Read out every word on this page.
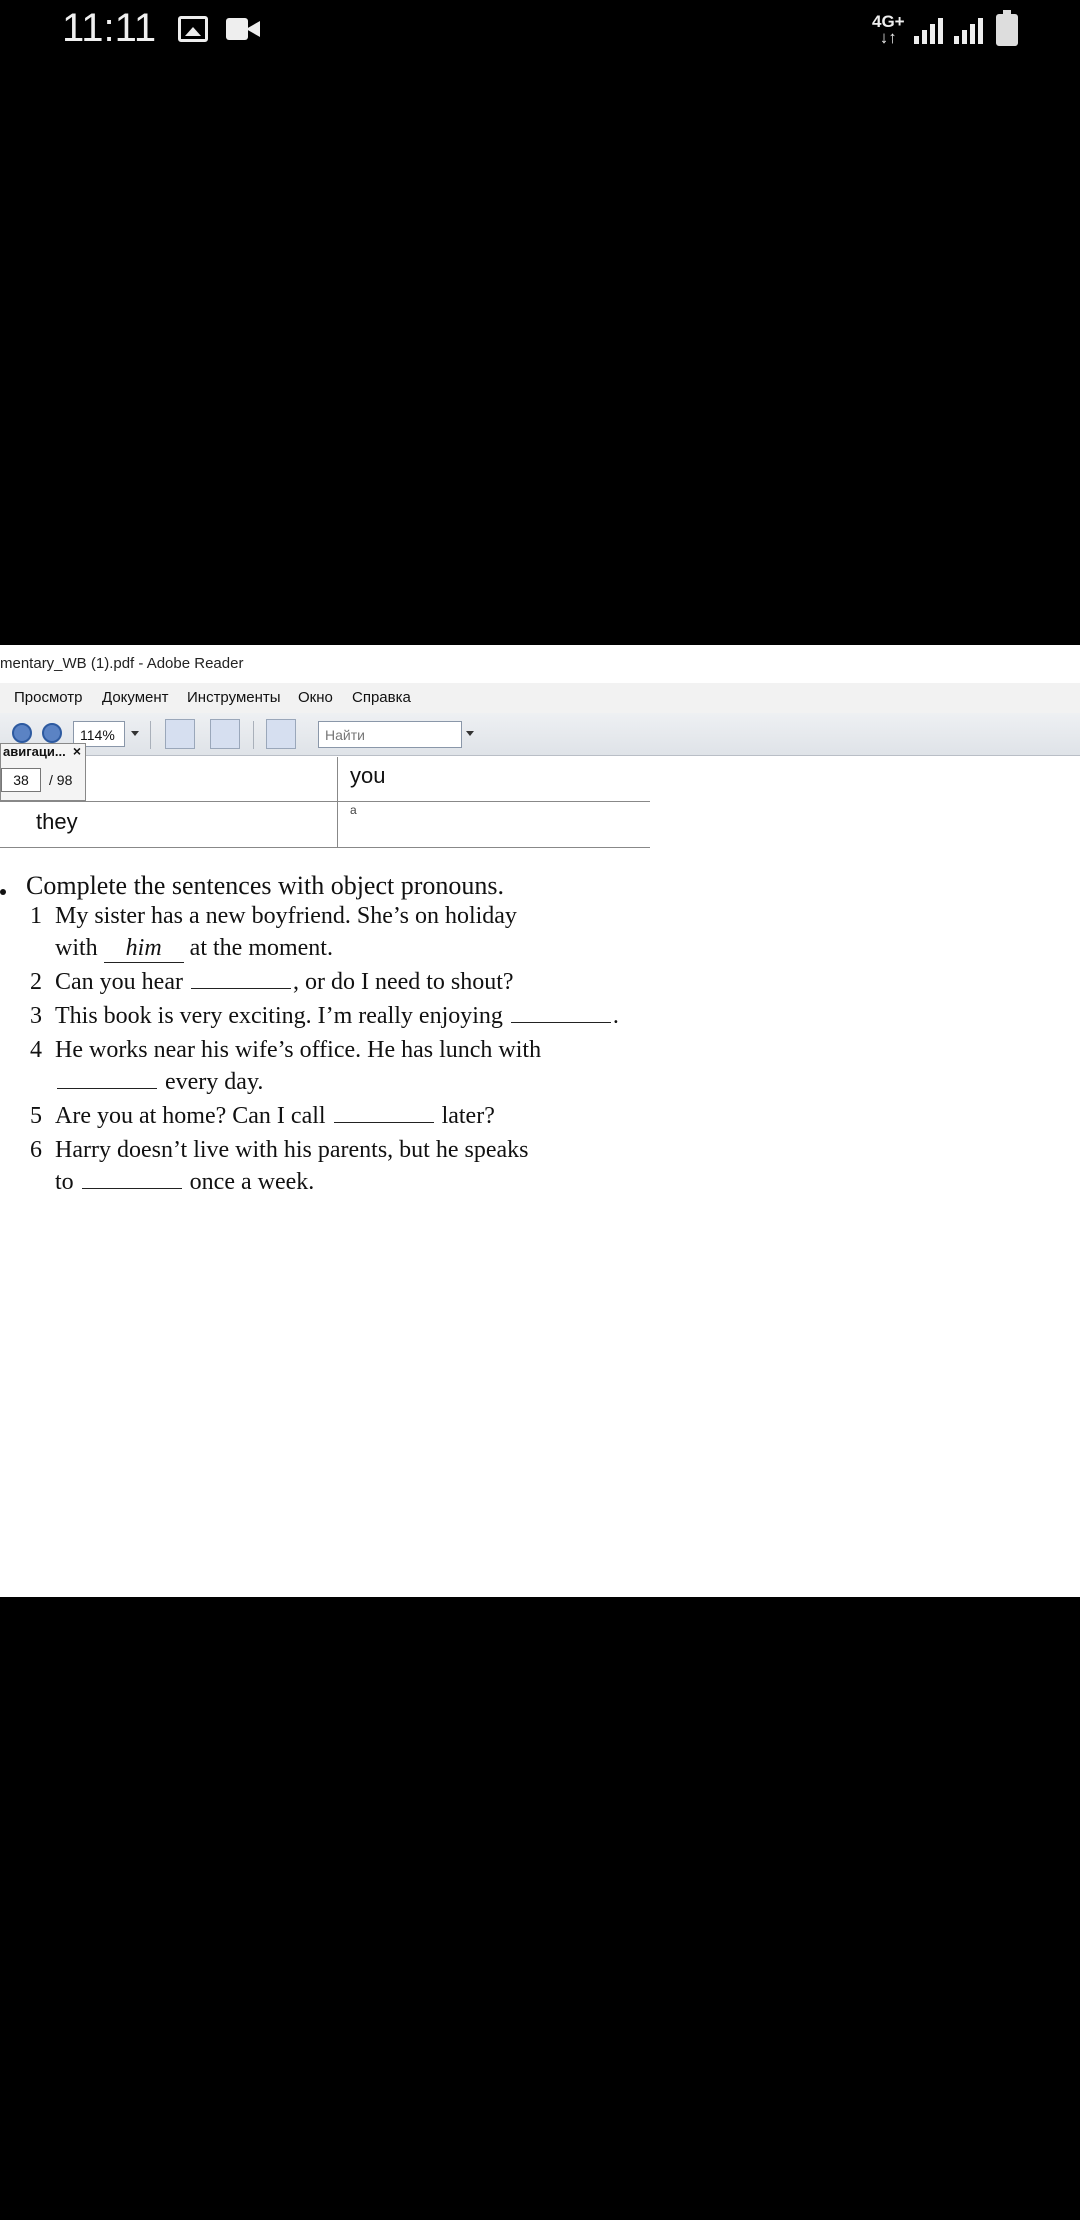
11:11	4G+
↓↑
mentary_WB (1).pdf - Adobe Reader
Просмотр Документ Инструменты Окно Справка
114%	Найти
авигаци... ×
38	/ 98	you
they	a
Complete the sentences with object pronouns.
1 My sister has a new boyfriend. She’s on holiday
with him at the moment.
2 Can you hear	, or do I need to shout?
3 This book is very exciting. I’m really enjoying	.
4 He works near his wife’s office. He has lunch with
every day.
5 Are you at home? Can I call	later?
6 Harry doesn’t live with his parents, but he speaks
to	once a week.
